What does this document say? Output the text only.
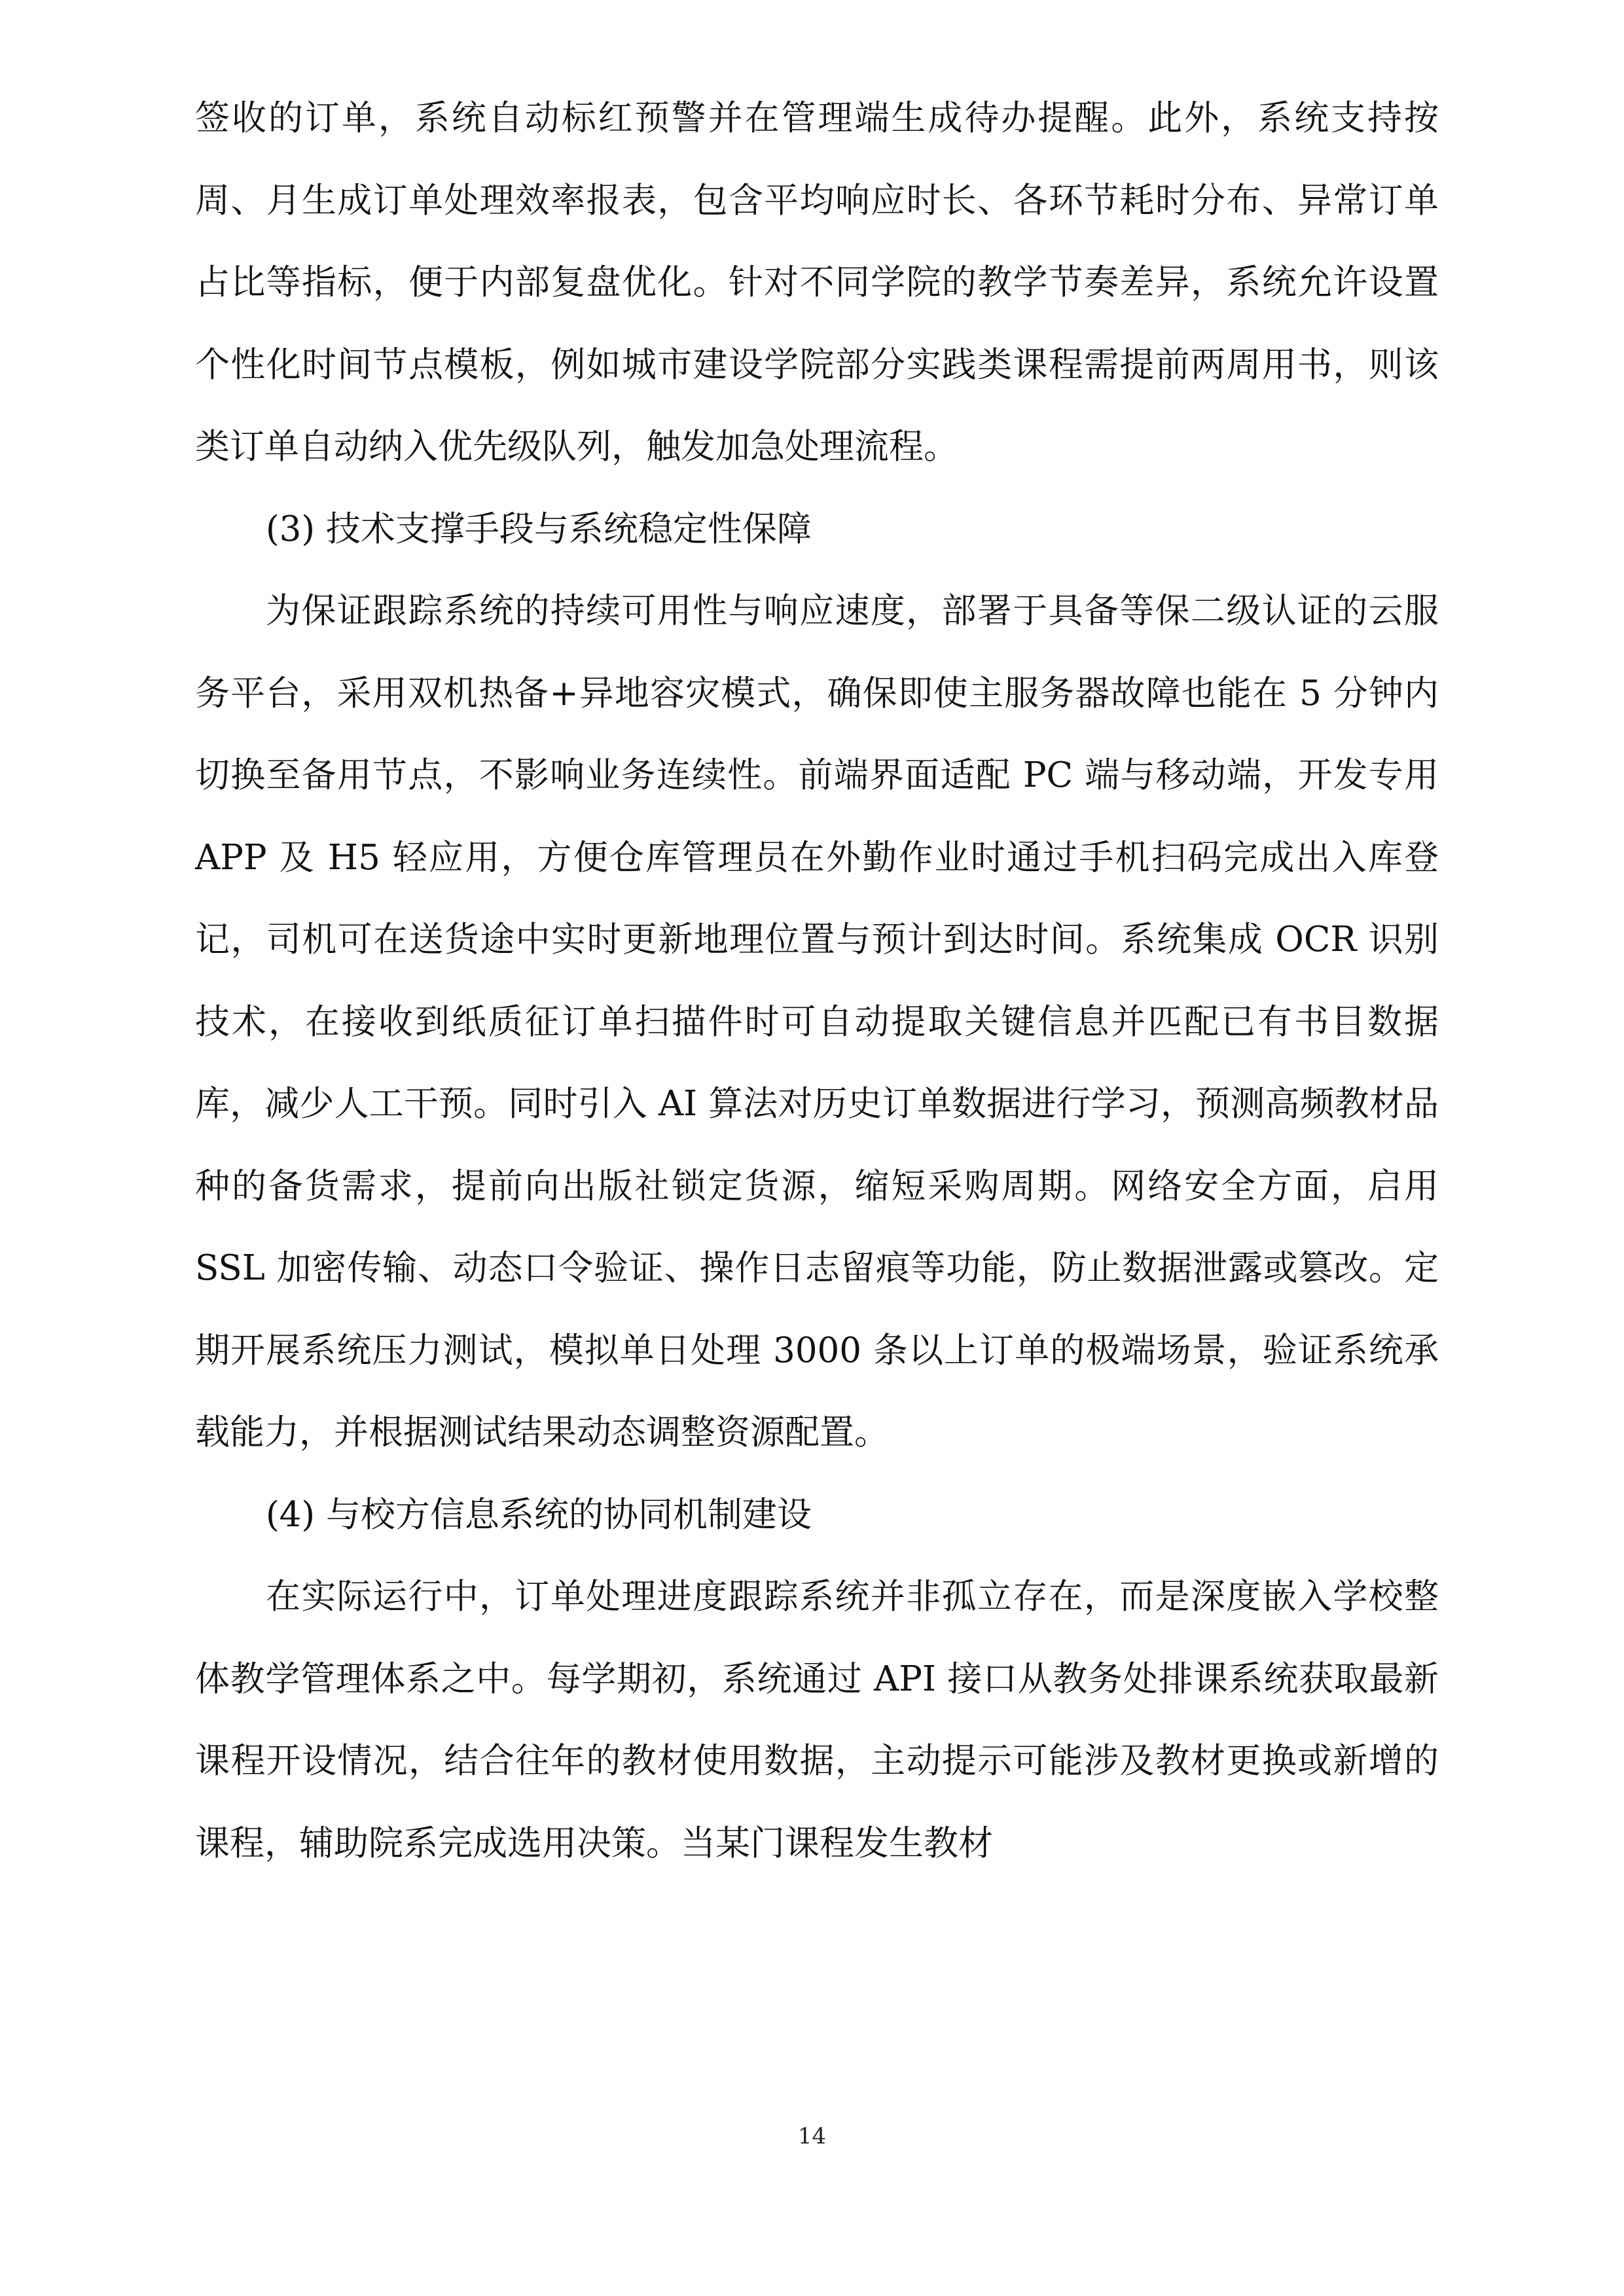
签收的订单，系统自动标红预警并在管理端生成待办提醒。此外，系统支持按周、月生成订单处理效率报表，包含平均响应时长、各环节耗时分布、异常订单占比等指标，便于内部复盘优化。针对不同学院的教学节奏差异，系统允许设置个性化时间节点模板，例如城市建设学院部分实践类课程需提前两周用书，则该类订单自动纳入优先级队列，触发加急处理流程。

(3) 技术支撑手段与系统稳定性保障

为保证跟踪系统的持续可用性与响应速度，部署于具备等保二级认证的云服务平台，采用双机热备+异地容灾模式，确保即使主服务器故障也能在 5 分钟内切换至备用节点，不影响业务连续性。前端界面适配 PC 端与移动端，开发专用 APP 及 H5 轻应用，方便仓库管理员在外勤作业时通过手机扫码完成出入库登记，司机可在送货途中实时更新地理位置与预计到达时间。系统集成 OCR 识别技术，在接收到纸质征订单扫描件时可自动提取关键信息并匹配已有书目数据库，减少人工干预。同时引入 AI 算法对历史订单数据进行学习，预测高频教材品种的备货需求，提前向出版社锁定货源，缩短采购周期。网络安全方面，启用 SSL 加密传输、动态口令验证、操作日志留痕等功能，防止数据泄露或篡改。定期开展系统压力测试，模拟单日处理 3000 条以上订单的极端场景，验证系统承载能力，并根据测试结果动态调整资源配置。

(4) 与校方信息系统的协同机制建设

在实际运行中，订单处理进度跟踪系统并非孤立存在，而是深度嵌入学校整体教学管理体系之中。每学期初，系统通过 API 接口从教务处排课系统获取最新课程开设情况，结合往年的教材使用数据，主动提示可能涉及教材更换或新增的课程，辅助院系完成选用决策。当某门课程发生教材

14
